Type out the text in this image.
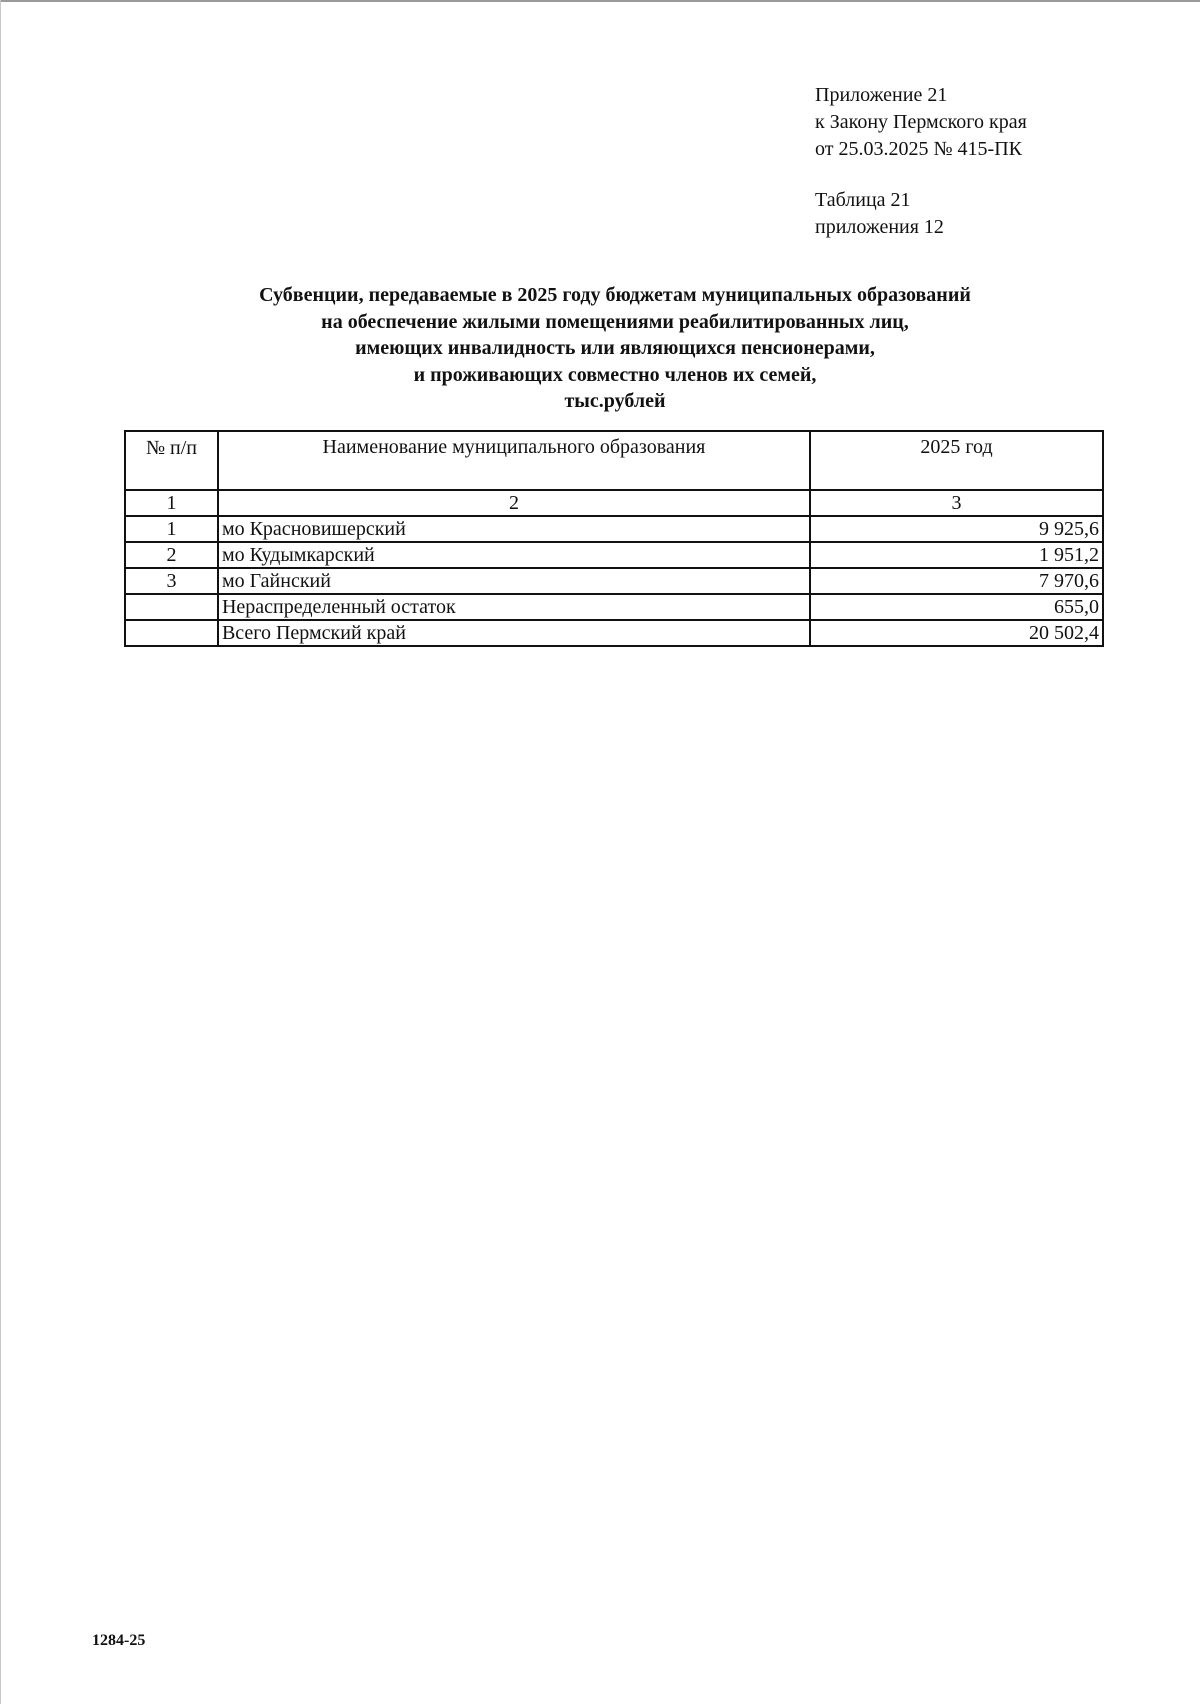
Приложение 21
к Закону Пермского края
от 25.03.2025 № 415-ПК
Таблица 21
приложения 12
Субвенции, передаваемые в 2025 году бюджетам муниципальных образований
на обеспечение жилыми помещениями реабилитированных лиц,
имеющих инвалидность или являющихся пенсионерами,
и проживающих совместно членов их семей,
тыс.рублей
№ п/п	Наименование муниципального образования	2025 год
1	2	3
1	мо Красновишерский	9 925,6
2	мо Кудымкарский	1 951,2
3	мо Гайнский	7 970,6
	Нераспределенный остаток	655,0
	Всего Пермский край	20 502,4
1284-25
